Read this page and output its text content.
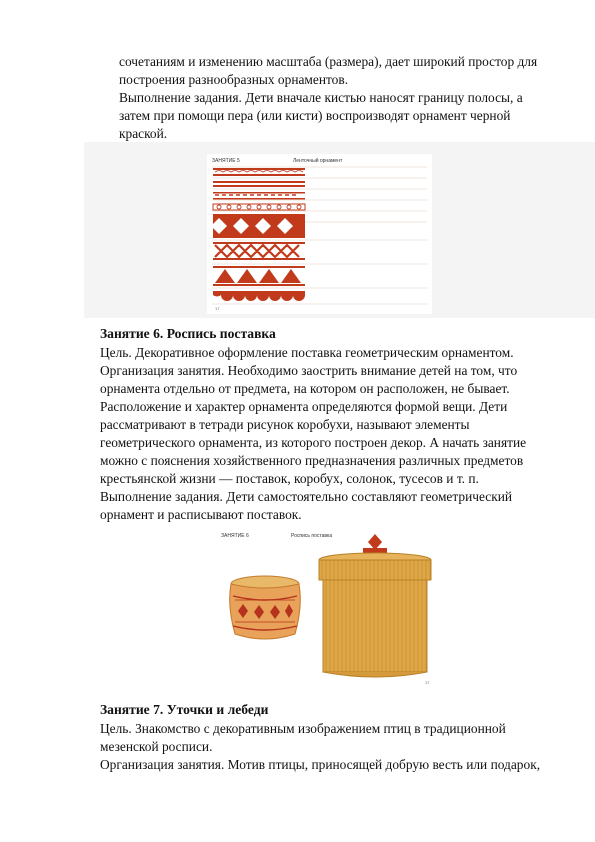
сочетаниям и изменению масштаба (размера), дает широкий простор для
построения разнообразных орнаментов.
Выполнение задания. Дети вначале кистью наносят границу полосы, а
затем при помощи пера (или кисти) воспроизводят орнамент черной
краской.
ЗАНЯТИЕ 5	Ленточный орнамент
17
Занятие 6. Роспись поставка
Цель. Декоративное оформление поставка геометрическим орнаментом.
Организация занятия. Необходимо заострить внимание детей на том, что
орнамента отдельно от предмета, на котором он расположен, не бывает.
Расположение и характер орнамента определяются формой вещи. Дети
рассматривают в тетради рисунок коробухи, называют элементы
геометрического орнамента, из которого построен декор. А начать занятие
можно с пояснения хозяйственного предназначения различных предметов
крестьянской жизни — поставок, коробух, солонок, тусесов и т. п.
Выполнение задания. Дети самостоятельно составляют геометрический
орнамент и расписывают поставок.
ЗАНЯТИЕ 6	Роспись поставка
17
Занятие 7. Уточки и лебеди
Цель. Знакомство с декоративным изображением птиц в традиционной
мезенской росписи.
Организация занятия. Мотив птицы, приносящей добрую весть или подарок,
